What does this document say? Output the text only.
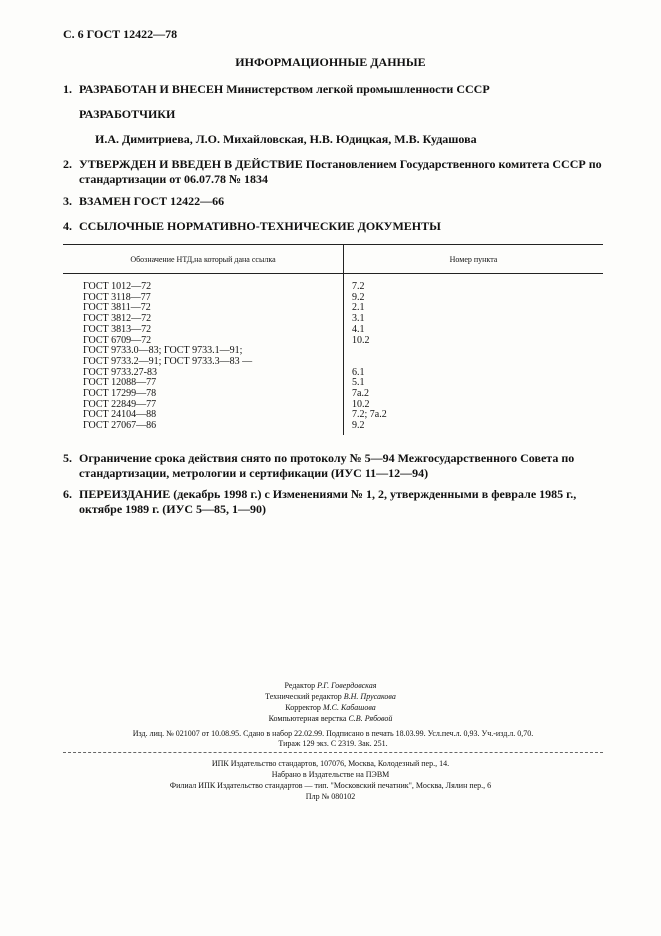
С. 6 ГОСТ 12422—78
ИНФОРМАЦИОННЫЕ ДАННЫЕ
1. РАЗРАБОТАН И ВНЕСЕН Министерством легкой промышленности СССР
РАЗРАБОТЧИКИ
И.А. Димитриева, Л.О. Михайловская, Н.В. Юдицкая, М.В. Кудашова
2. УТВЕРЖДЕН И ВВЕДЕН В ДЕЙСТВИЕ Постановлением Государственного комитета СССР по
стандартизации от 06.07.78 № 1834
3. ВЗАМЕН ГОСТ 12422—66
4. ССЫЛОЧНЫЕ НОРМАТИВНО-ТЕХНИЧЕСКИЕ ДОКУМЕНТЫ
Обозначение НТД,на который дана ссылка	Номер пункта
ГОСТ 1012—72	7.2
ГОСТ 3118—77	9.2
ГОСТ 3811—72	2.1
ГОСТ 3812—72	3.1
ГОСТ 3813—72	4.1
ГОСТ 6709—72	10.2
ГОСТ 9733.0—83; ГОСТ 9733.1—91;	
ГОСТ 9733.2—91; ГОСТ 9733.3—83 —	
ГОСТ 9733.27-83	6.1
ГОСТ 12088—77	5.1
ГОСТ 17299—78	7а.2
ГОСТ 22849—77	10.2
ГОСТ 24104—88	7.2; 7а.2
ГОСТ 27067—86	9.2
5. Ограничение срока действия снято по протоколу № 5—94 Межгосударственного Совета по
стандартизации, метрологии и сертификации (ИУС 11—12—94)
6. ПЕРЕИЗДАНИЕ (декабрь 1998 г.) с Изменениями № 1, 2, утвержденными в феврале 1985 г.,
октябре 1989 г. (ИУС 5—85, 1—90)
Редактор Р.Г. Говердовская
Технический редактор В.Н. Прусакова
Корректор М.С. Кабашова
Компьютерная верстка С.В. Рябовой
Изд. лиц. № 021007 от 10.08.95. Сдано в набор 22.02.99. Подписано в печать 18.03.99. Усл.печ.л. 0,93. Уч.-изд.л. 0,70.
Тираж 129 экз. С 2319. Зак. 251.
ИПК Издательство стандартов, 107076, Москва, Колодезный пер., 14.
Набрано в Издательстве на ПЭВМ
Филиал ИПК Издательство стандартов — тип. "Московский печатник", Москва, Лялин пер., 6
Плр № 080102
